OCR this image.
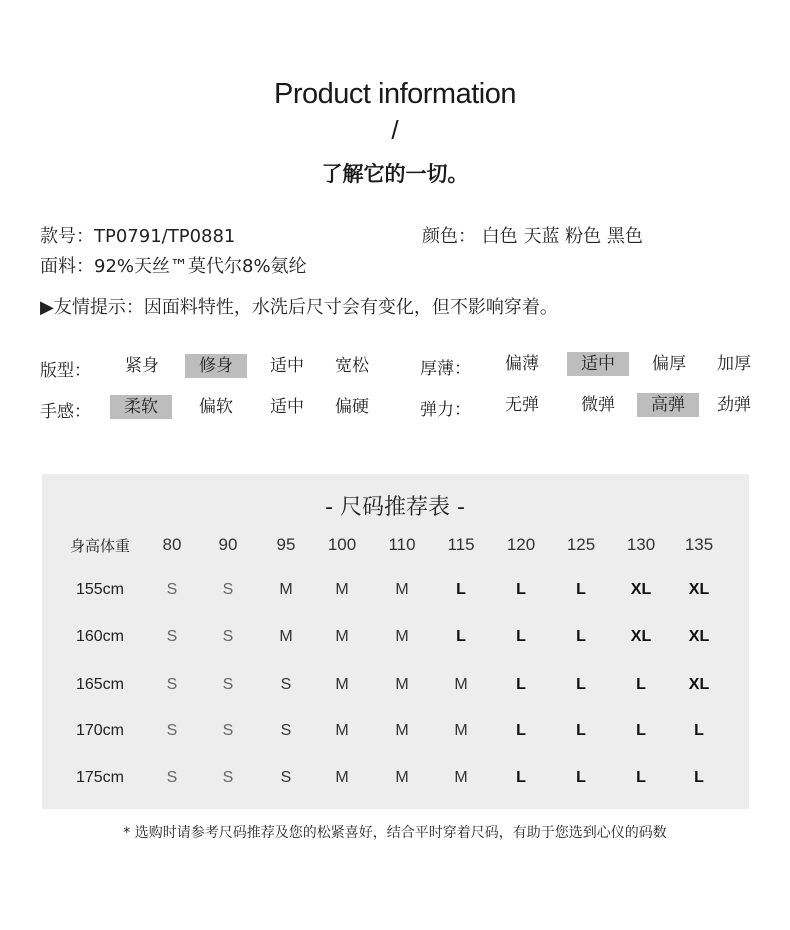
Product information
/
了解它的一切。
款号：TP0791/TP0881	颜色： 白色 天蓝 粉色 黑色
面料：92%天丝™莫代尔8%氨纶
▶友情提示：因面料特性，水洗后尺寸会有变化，但不影响穿着。
版型：	紧身	修身	适中	宽松	厚薄：	偏薄	适中	偏厚	加厚
手感：	柔软	偏软	适中	偏硬	弹力：	无弹	微弹	高弹	劲弹
- 尺码推荐表 -
身高体重	80	90	95	100	110	115	120	125	130	135
155cm	S	S	M	M	M	L	L	L	XL	XL
160cm	S	S	M	M	M	L	L	L	XL	XL
165cm	S	S	S	M	M	M	L	L	L	XL
170cm	S	S	S	M	M	M	L	L	L	L
175cm	S	S	S	M	M	M	L	L	L	L
* 选购时请参考尺码推荐及您的松紧喜好，结合平时穿着尺码，有助于您选到心仪的码数
